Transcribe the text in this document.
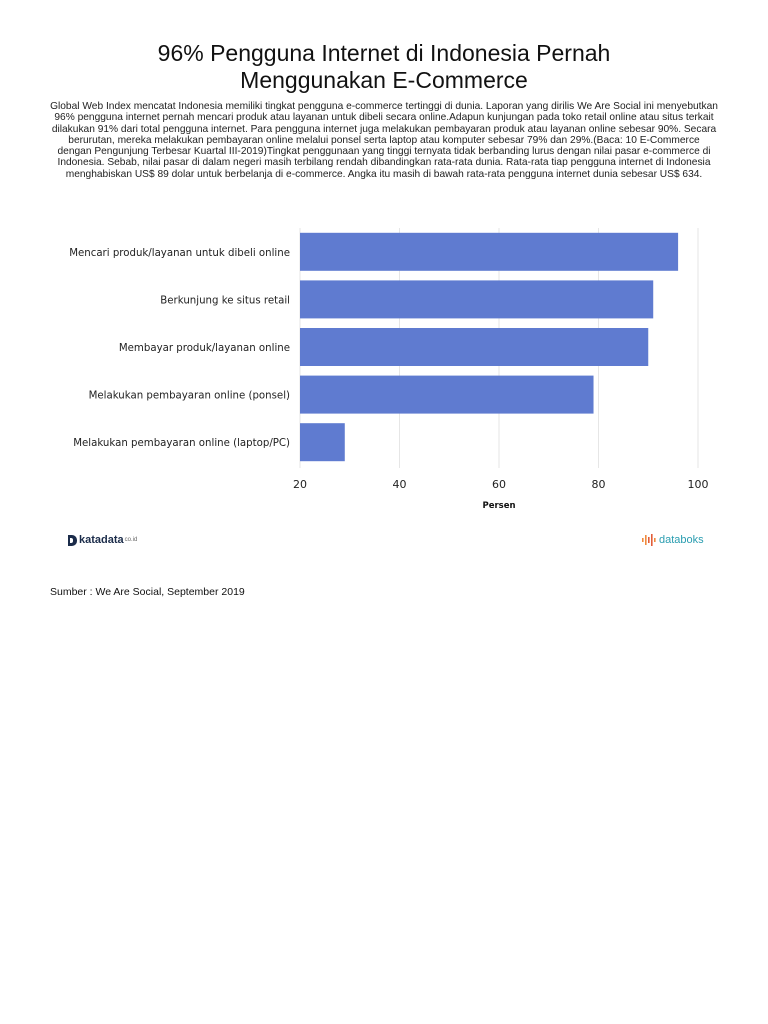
96% Pengguna Internet di Indonesia Pernah
Menggunakan E-Commerce

Global Web Index mencatat Indonesia memiliki tingkat pengguna e-commerce tertinggi di dunia. Laporan yang dirilis We Are Social ini menyebutkan 96% pengguna internet pernah mencari produk atau layanan untuk dibeli secara online.Adapun kunjungan pada toko retail online atau situs terkait dilakukan 91% dari total pengguna internet. Para pengguna internet juga melakukan pembayaran produk atau layanan online sebesar 90%. Secara berurutan, mereka melakukan pembayaran online melalui ponsel serta laptop atau komputer sebesar 79% dan 29%.(Baca: 10 E-Commerce dengan Pengunjung Terbesar Kuartal III-2019)Tingkat penggunaan yang tinggi ternyata tidak berbanding lurus dengan nilai pasar e-commerce di Indonesia. Sebab, nilai pasar di dalam negeri masih terbilang rendah dibandingkan rata-rata dunia. Rata-rata tiap pengguna internet di Indonesia menghabiskan US$ 89 dolar untuk berbelanja di e-commerce. Angka itu masih di bawah rata-rata pengguna internet dunia sebesar US$ 634.

20	40	60	80	100
Mencari produk/layanan untuk dibeli online
Berkunjung ke situs retail
Membayar produk/layanan online
Melakukan pembayaran online (ponsel)
Melakukan pembayaran online (laptop/PC)
Persen
katadata co.id	databoks
Sumber : We Are Social, September 2019
